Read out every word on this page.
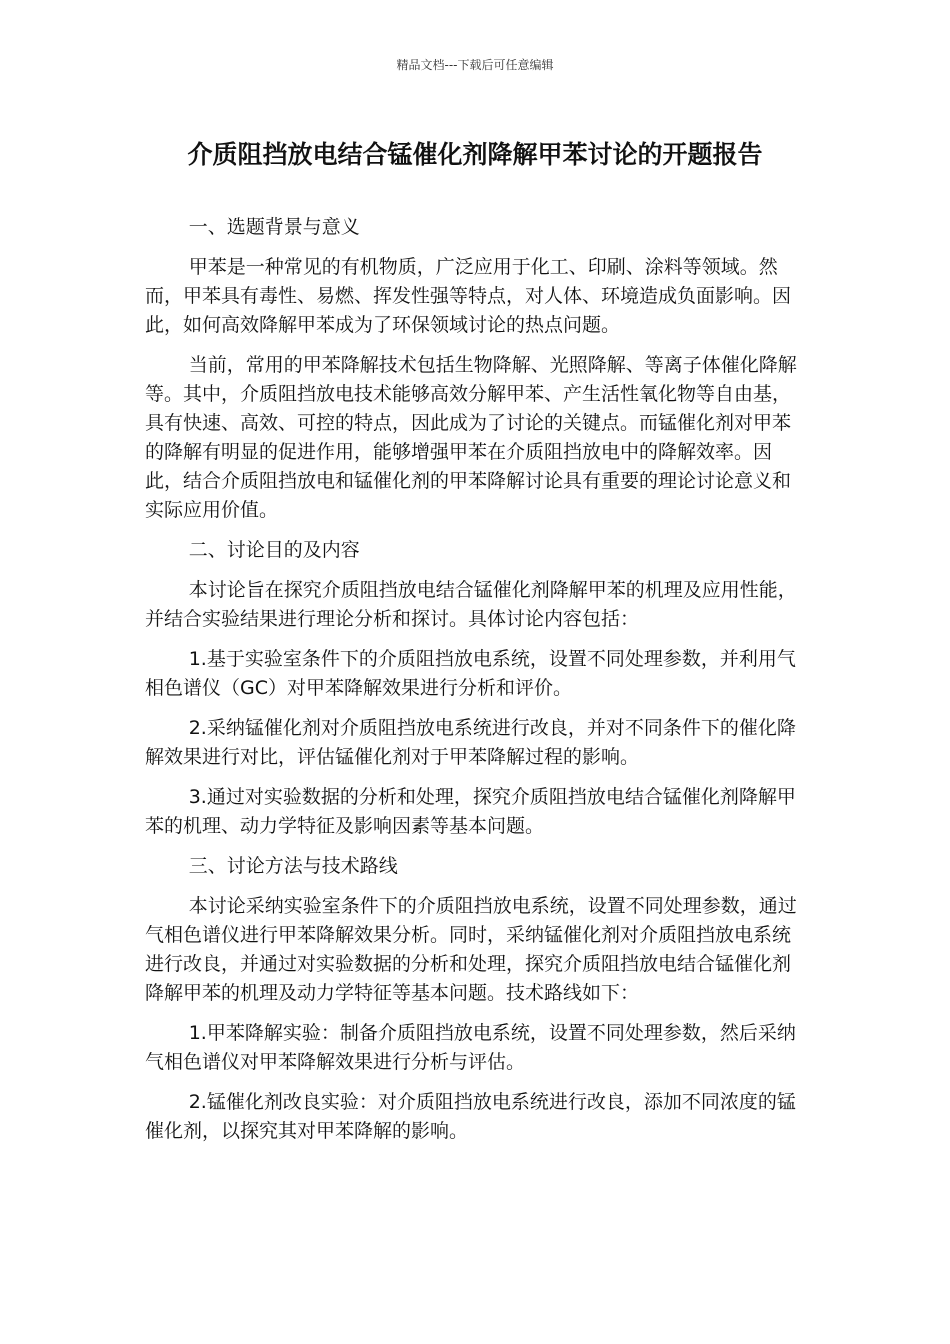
精品文档---下载后可任意编辑
介质阻挡放电结合锰催化剂降解甲苯讨论的开题报告

一、选题背景与意义

甲苯是一种常见的有机物质，广泛应用于化工、印刷、涂料等领域。然而，甲苯具有毒性、易燃、挥发性强等特点，对人体、环境造成负面影响。因此，如何高效降解甲苯成为了环保领域讨论的热点问题。

当前，常用的甲苯降解技术包括生物降解、光照降解、等离子体催化降解等。其中，介质阻挡放电技术能够高效分解甲苯、产生活性氧化物等自由基，具有快速、高效、可控的特点，因此成为了讨论的关键点。而锰催化剂对甲苯的降解有明显的促进作用，能够增强甲苯在介质阻挡放电中的降解效率。因此，结合介质阻挡放电和锰催化剂的甲苯降解讨论具有重要的理论讨论意义和实际应用价值。

二、讨论目的及内容

本讨论旨在探究介质阻挡放电结合锰催化剂降解甲苯的机理及应用性能，并结合实验结果进行理论分析和探讨。具体讨论内容包括：

1.基于实验室条件下的介质阻挡放电系统，设置不同处理参数，并利用气相色谱仪（GC）对甲苯降解效果进行分析和评价。

2.采纳锰催化剂对介质阻挡放电系统进行改良，并对不同条件下的催化降解效果进行对比，评估锰催化剂对于甲苯降解过程的影响。

3.通过对实验数据的分析和处理，探究介质阻挡放电结合锰催化剂降解甲苯的机理、动力学特征及影响因素等基本问题。

三、讨论方法与技术路线

本讨论采纳实验室条件下的介质阻挡放电系统，设置不同处理参数，通过气相色谱仪进行甲苯降解效果分析。同时，采纳锰催化剂对介质阻挡放电系统进行改良，并通过对实验数据的分析和处理，探究介质阻挡放电结合锰催化剂降解甲苯的机理及动力学特征等基本问题。技术路线如下：

1.甲苯降解实验：制备介质阻挡放电系统，设置不同处理参数，然后采纳气相色谱仪对甲苯降解效果进行分析与评估。

2.锰催化剂改良实验：对介质阻挡放电系统进行改良，添加不同浓度的锰催化剂，以探究其对甲苯降解的影响。
